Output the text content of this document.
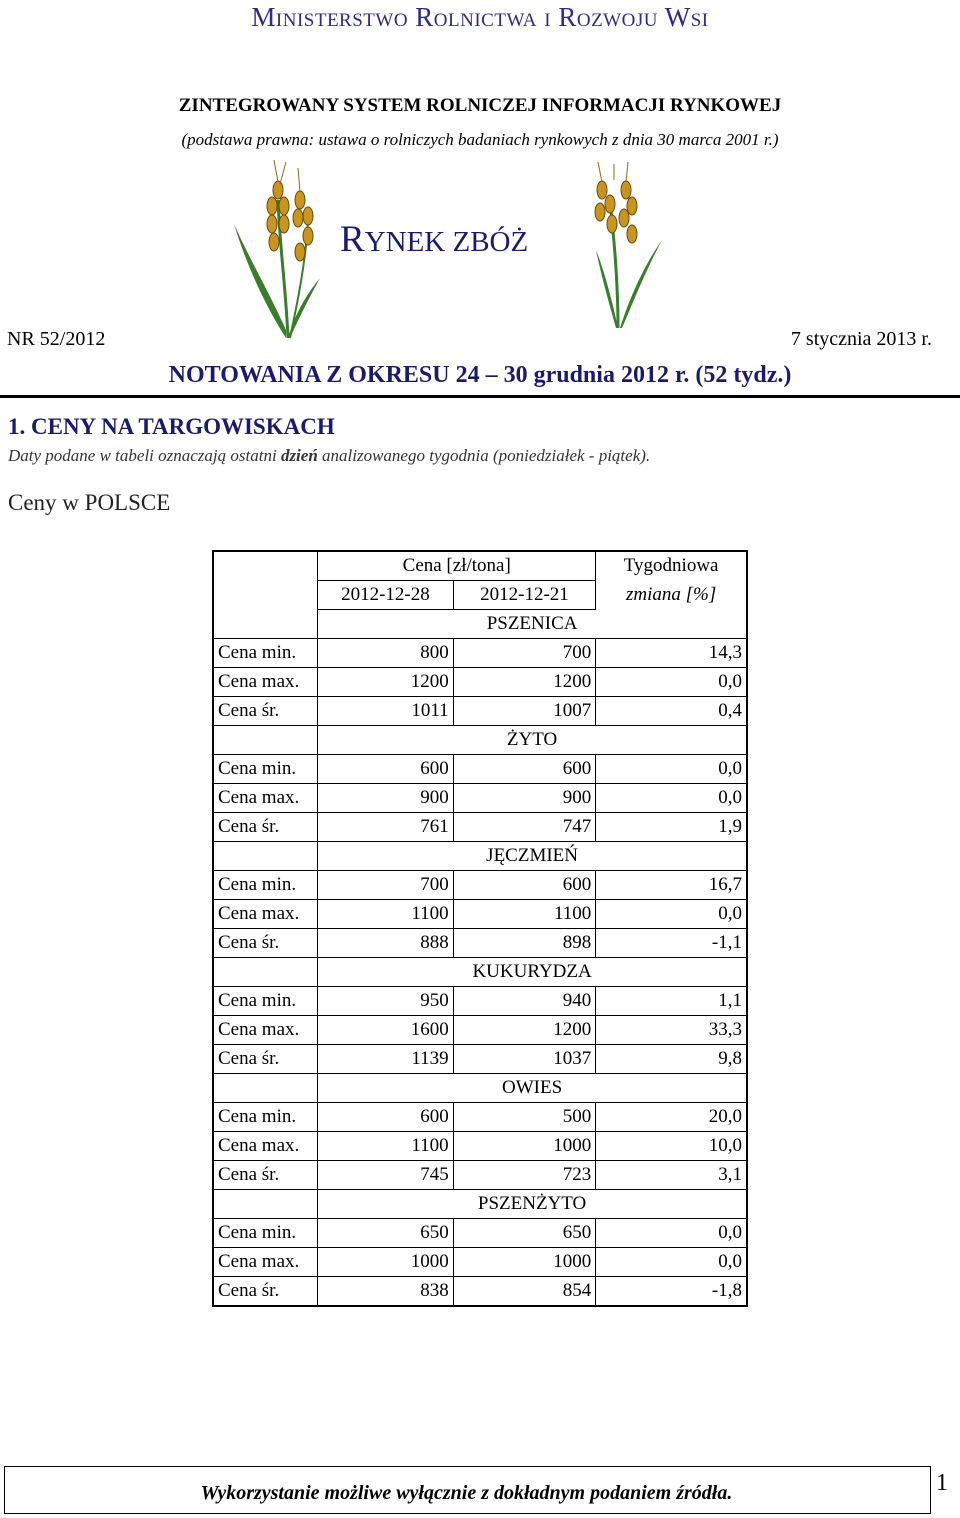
Ministerstwo Rolnictwa i Rozwoju Wsi
ZINTEGROWANY SYSTEM ROLNICZEJ INFORMACJI RYNKOWEJ
(podstawa prawna: ustawa o rolniczych badaniach rynkowych z dnia 30 marca 2001 r.)
RYNEK ZBÓŻ
NR 52/2012	7 stycznia 2013 r.
NOTOWANIA Z OKRESU 24 – 30 grudnia 2012 r. (52 tydz.)
1. CENY NA TARGOWISKACH
Daty podane w tabeli oznaczają ostatni dzień analizowanego tygodnia (poniedziałek - piątek).
Ceny w POLSCE
	Cena [zł/tona]		Tygodniowa
	2012-12-28	2012-12-21	zmiana [%]
	PSZENICA		
Cena min.	800	700	14,3
Cena max.	1200	1200	0,0
Cena śr.	1011	1007	0,4
	ŻYTO		
Cena min.	600	600	0,0
Cena max.	900	900	0,0
Cena śr.	761	747	1,9
	JĘCZMIEŃ		
Cena min.	700	600	16,7
Cena max.	1100	1100	0,0
Cena śr.	888	898	-1,1
	KUKURYDZA		
Cena min.	950	940	1,1
Cena max.	1600	1200	33,3
Cena śr.	1139	1037	9,8
	OWIES		
Cena min.	600	500	20,0
Cena max.	1100	1000	10,0
Cena śr.	745	723	3,1
	PSZENŻYTO		
Cena min.	650	650	0,0
Cena max.	1000	1000	0,0
Cena śr.	838	854	-1,8
Wykorzystanie możliwe wyłącznie z dokładnym podaniem źródła.	1
